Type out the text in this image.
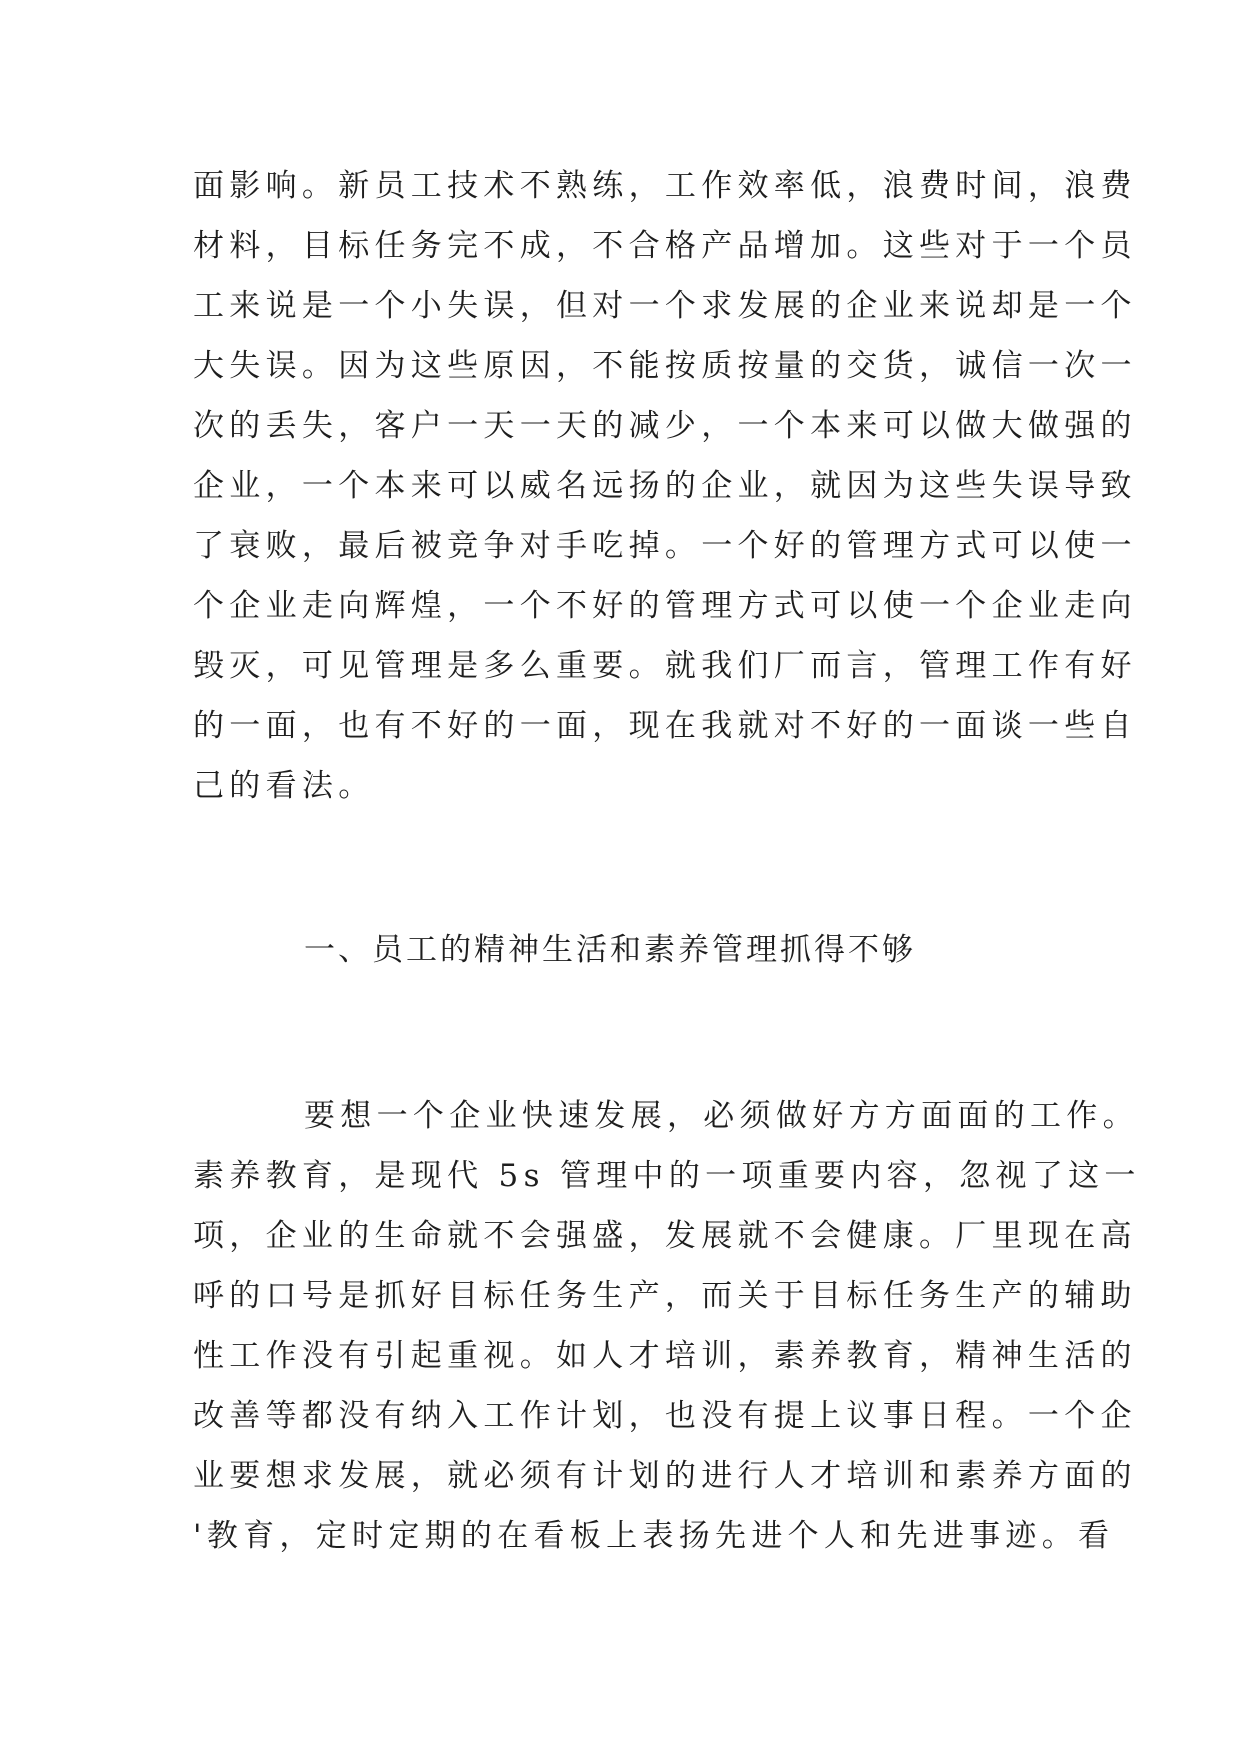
面影响。新员工技术不熟练，工作效率低，浪费时间，浪费
材料，目标任务完不成，不合格产品增加。这些对于一个员
工来说是一个小失误，但对一个求发展的企业来说却是一个
大失误。因为这些原因，不能按质按量的交货，诚信一次一
次的丢失，客户一天一天的减少，一个本来可以做大做强的
企业，一个本来可以威名远扬的企业，就因为这些失误导致
了衰败，最后被竞争对手吃掉。一个好的管理方式可以使一
个企业走向辉煌，一个不好的管理方式可以使一个企业走向
毁灭，可见管理是多么重要。就我们厂而言，管理工作有好
的一面，也有不好的一面，现在我就对不好的一面谈一些自
己的看法。
一、员工的精神生活和素养管理抓得不够
要想一个企业快速发展，必须做好方方面面的工作。
素养教育，是现代 5s 管理中的一项重要内容，忽视了这一
项，企业的生命就不会强盛，发展就不会健康。厂里现在高
呼的口号是抓好目标任务生产，而关于目标任务生产的辅助
性工作没有引起重视。如人才培训，素养教育，精神生活的
改善等都没有纳入工作计划，也没有提上议事日程。一个企
业要想求发展，就必须有计划的进行人才培训和素养方面的
'教育，定时定期的在看板上表扬先进个人和先进事迹。看
